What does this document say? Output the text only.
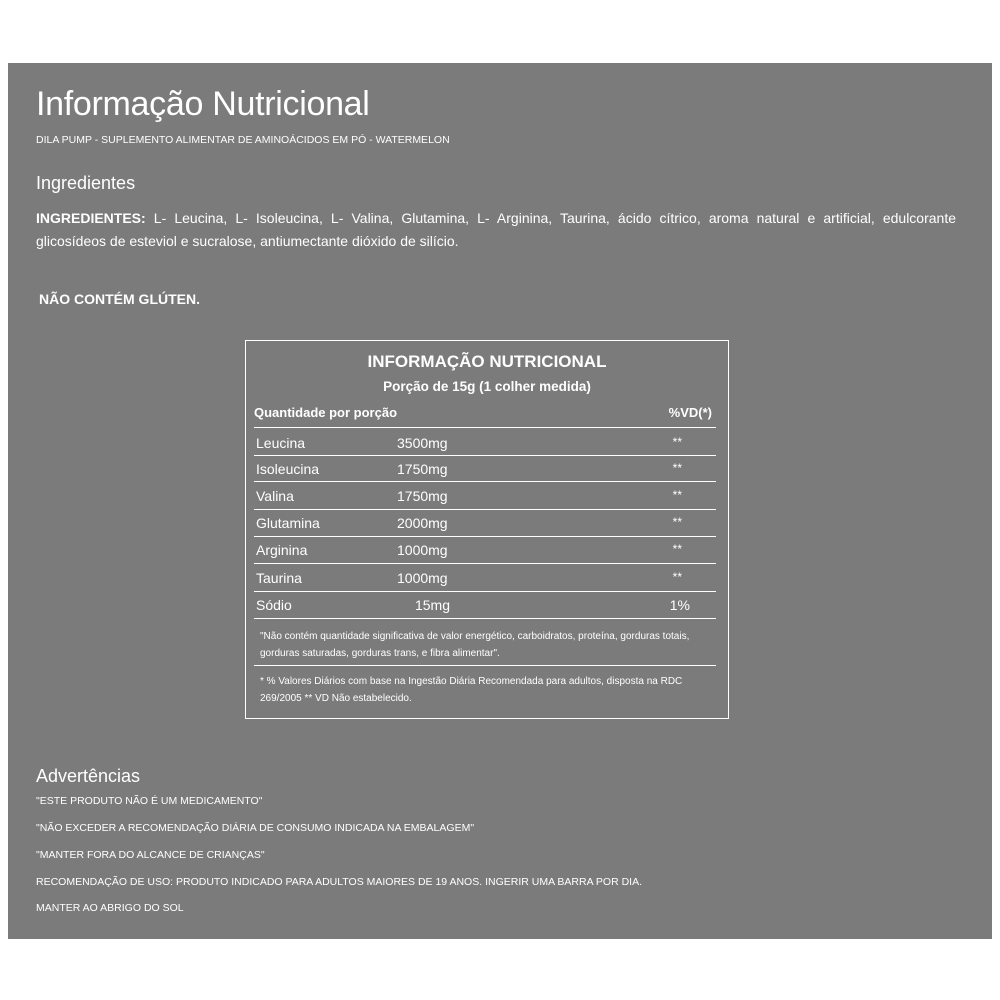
Informação Nutricional
DILA PUMP - SUPLEMENTO ALIMENTAR DE AMINOÁCIDOS EM PÓ - WATERMELON
Ingredientes

INGREDIENTES: L- Leucina, L- Isoleucina, L- Valina, Glutamina, L- Arginina, Taurina, ácido cítrico, aroma natural e artificial, edulcorante glicosídeos de esteviol e sucralose, antiumectante dióxido de silício.

NÃO CONTÉM GLÚTEN.
INFORMAÇÃO NUTRICIONAL
Porção de 15g (1 colher medida)
Quantidade por porção	%VD(*)
Leucina	3500mg	**
Isoleucina	1750mg	**
Valina	1750mg	**
Glutamina	2000mg	**
Arginina	1000mg	**
Taurina	1000mg	**
Sódio	15mg	1%
"Não contém quantidade significativa de valor energético, carboidratos, proteína, gorduras totais, gorduras saturadas, gorduras trans, e fibra alimentar".
* % Valores Diários com base na Ingestão Diária Recomendada para adultos, disposta na RDC 269/2005 ** VD Não estabelecido.
Advertências
"ESTE PRODUTO NÃO É UM MEDICAMENTO"
"NÃO EXCEDER A RECOMENDAÇÃO DIÁRIA DE CONSUMO INDICADA NA EMBALAGEM"
"MANTER FORA DO ALCANCE DE CRIANÇAS"
RECOMENDAÇÃO DE USO: PRODUTO INDICADO PARA ADULTOS MAIORES DE 19 ANOS. INGERIR UMA BARRA POR DIA.
MANTER AO ABRIGO DO SOL
